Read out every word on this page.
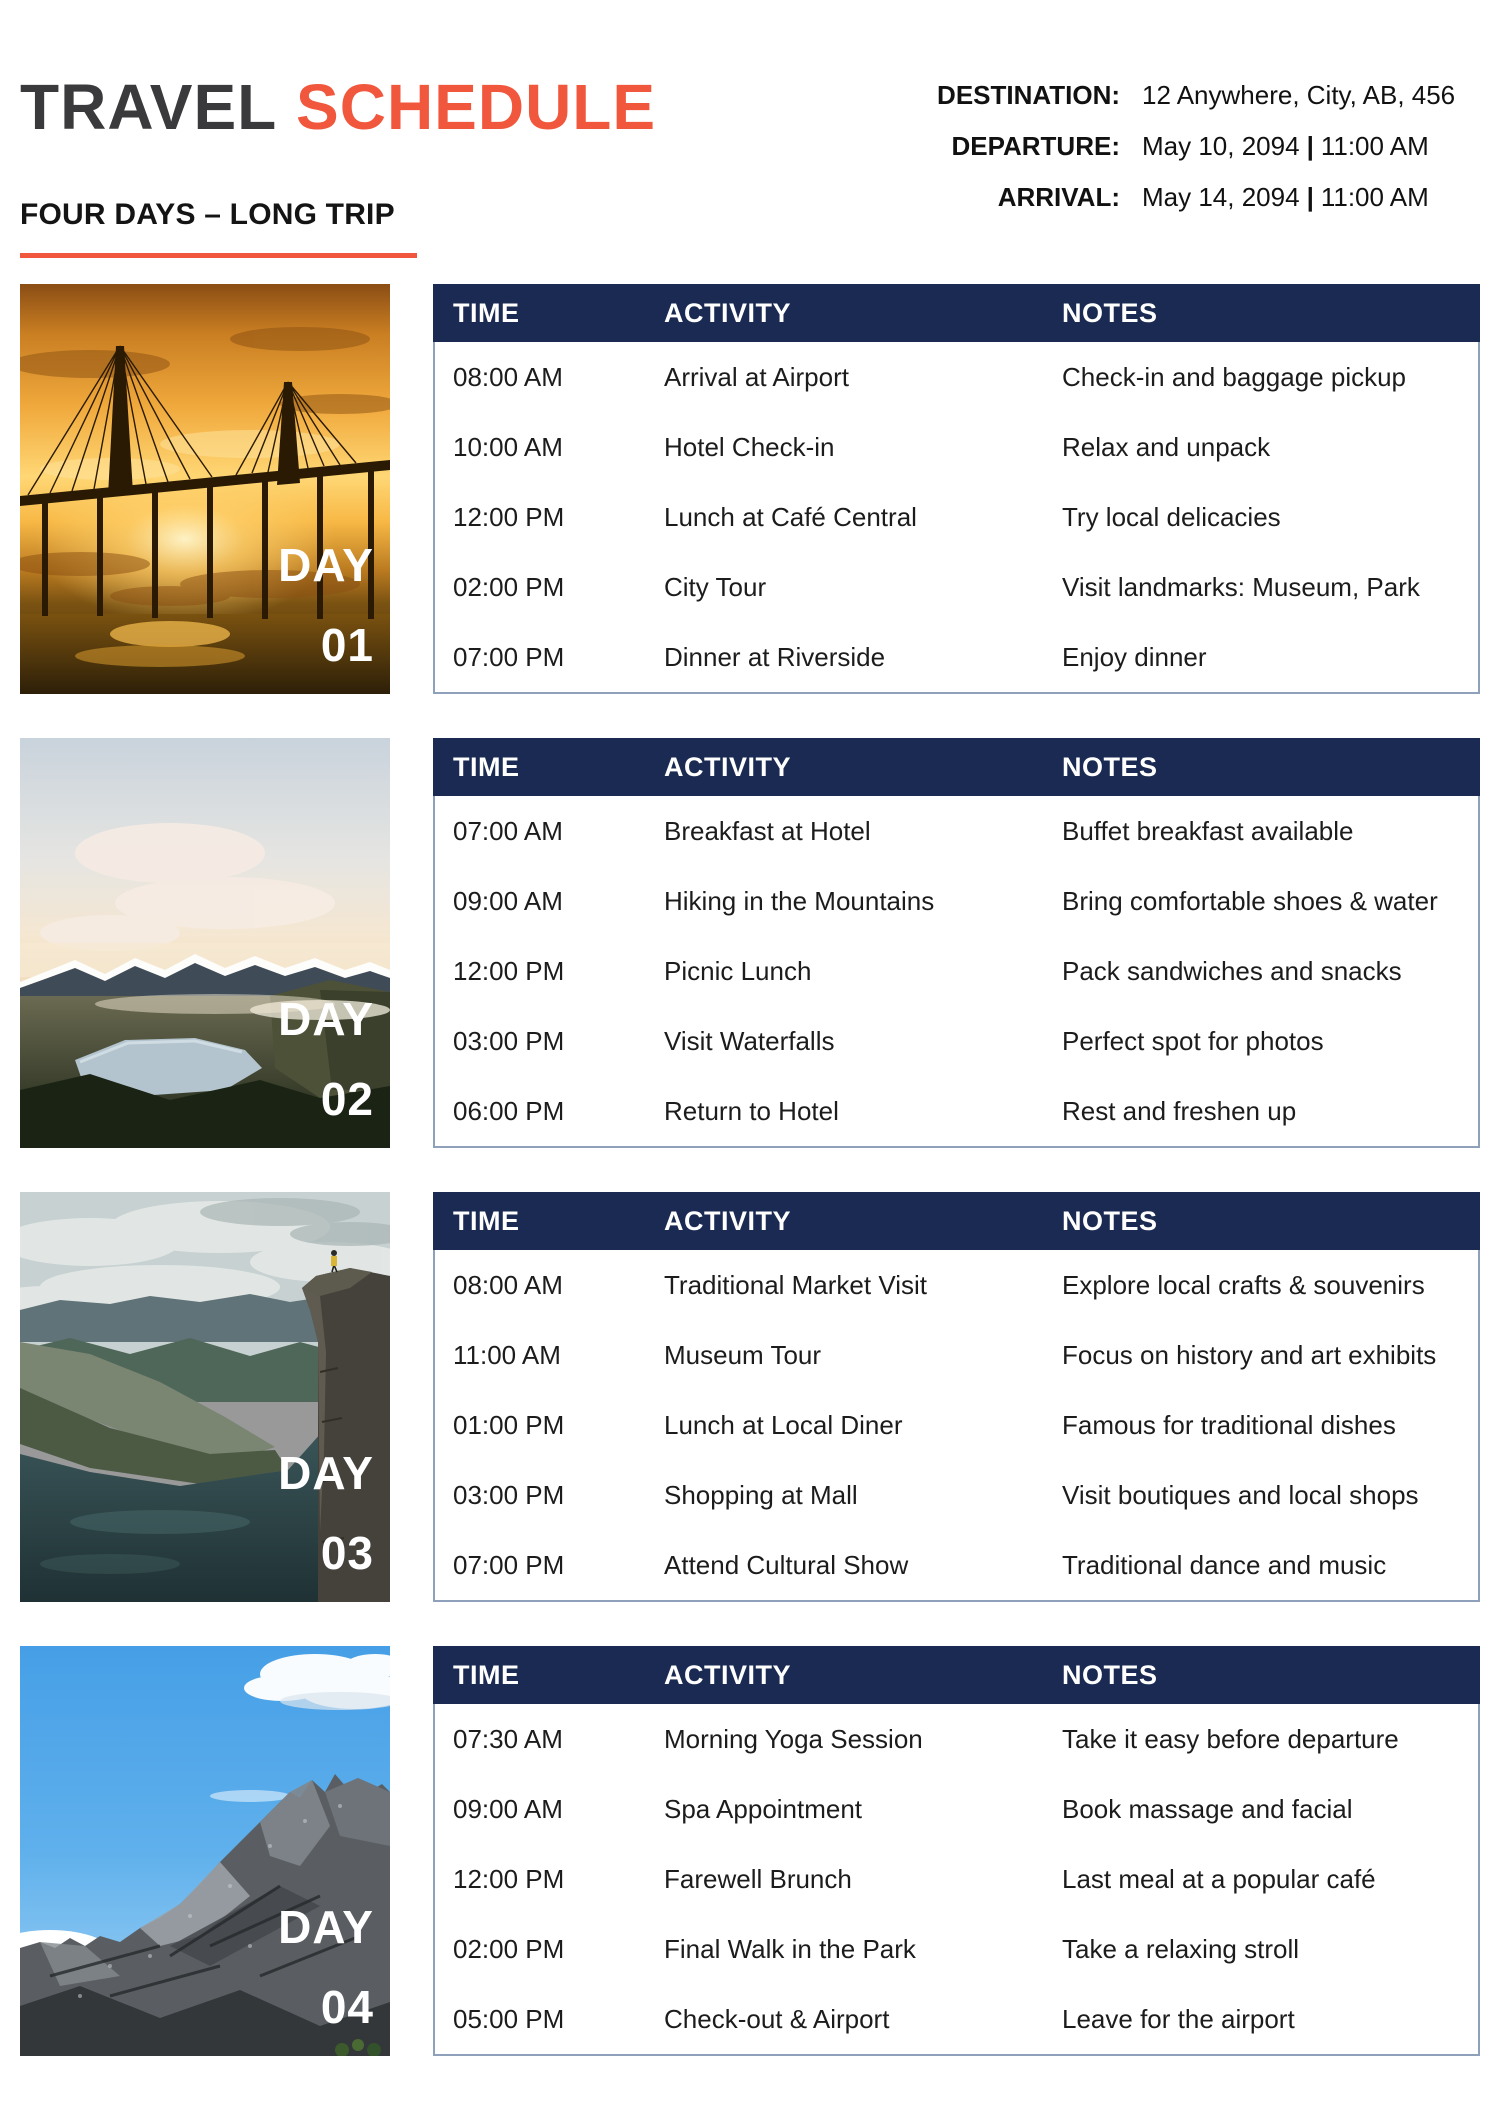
TRAVEL SCHEDULE
FOUR DAYS – LONG TRIP
DESTINATION: 12 Anywhere, City, AB, 456
DEPARTURE: May 10, 2094 | 11:00 AM
ARRIVAL: May 14, 2094 | 11:00 AM
DAY
01
TIME	ACTIVITY	NOTES
08:00 AM	Arrival at Airport	Check-in and baggage pickup
10:00 AM	Hotel Check-in	Relax and unpack
12:00 PM	Lunch at Café Central	Try local delicacies
02:00 PM	City Tour	Visit landmarks: Museum, Park
07:00 PM	Dinner at Riverside	Enjoy dinner
DAY
02
TIME	ACTIVITY	NOTES
07:00 AM	Breakfast at Hotel	Buffet breakfast available
09:00 AM	Hiking in the Mountains	Bring comfortable shoes & water
12:00 PM	Picnic Lunch	Pack sandwiches and snacks
03:00 PM	Visit Waterfalls	Perfect spot for photos
06:00 PM	Return to Hotel	Rest and freshen up
DAY
03
TIME	ACTIVITY	NOTES
08:00 AM	Traditional Market Visit	Explore local crafts & souvenirs
11:00 AM	Museum Tour	Focus on history and art exhibits
01:00 PM	Lunch at Local Diner	Famous for traditional dishes
03:00 PM	Shopping at Mall	Visit boutiques and local shops
07:00 PM	Attend Cultural Show	Traditional dance and music
DAY
04
TIME	ACTIVITY	NOTES
07:30 AM	Morning Yoga Session	Take it easy before departure
09:00 AM	Spa Appointment	Book massage and facial
12:00 PM	Farewell Brunch	Last meal at a popular café
02:00 PM	Final Walk in the Park	Take a relaxing stroll
05:00 PM	Check-out & Airport	Leave for the airport
